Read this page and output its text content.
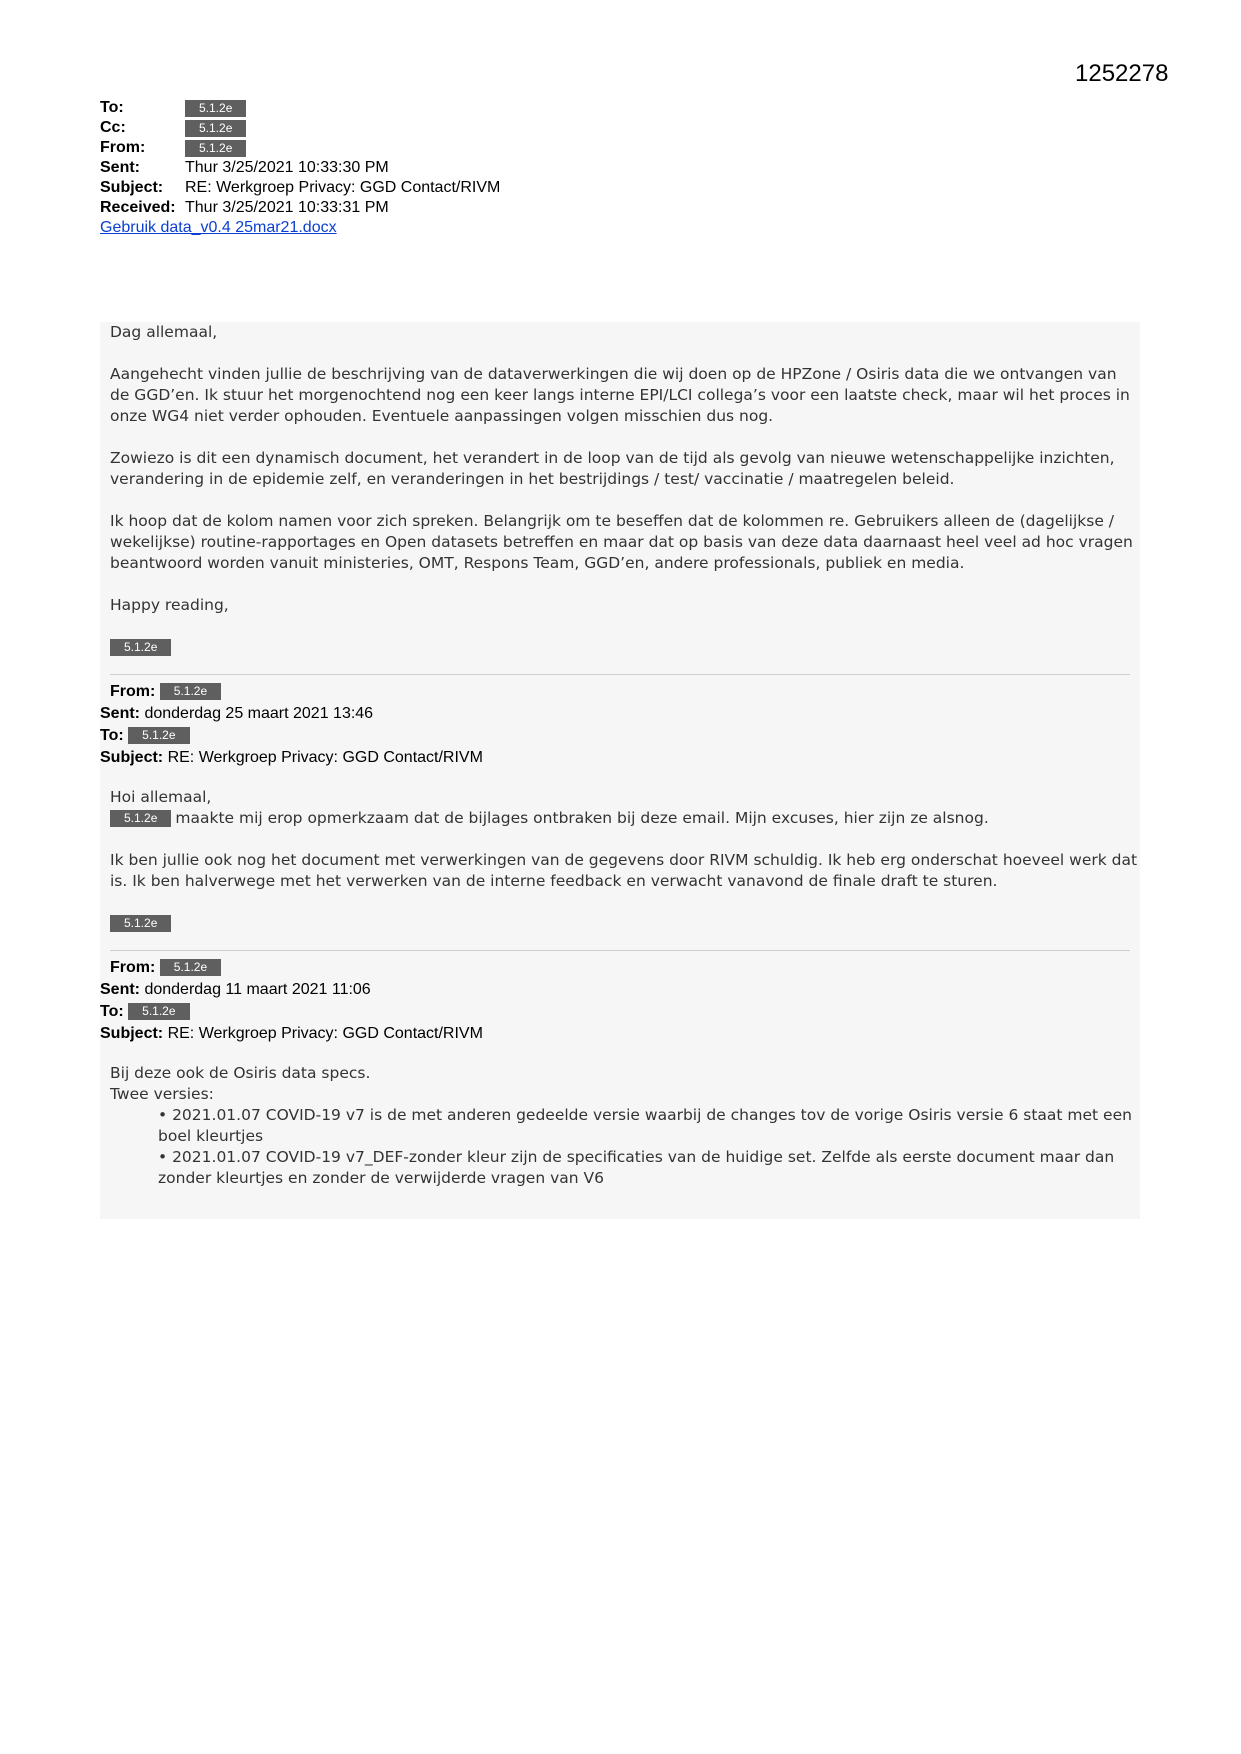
1252278
To:	5.1.2e
Cc:	5.1.2e
From:	5.1.2e
Sent:	Thur 3/25/2021 10:33:30 PM
Subject:	RE: Werkgroep Privacy: GGD Contact/RIVM
Received: Thur 3/25/2021 10:33:31 PM
Gebruik data_v0.4 25mar21.docx

Dag allemaal,

Aangehecht vinden jullie de beschrijving van de dataverwerkingen die wij doen op de HPZone / Osiris data die we ontvangen van de GGD’en. Ik stuur het morgenochtend nog een keer langs interne EPI/LCI collega’s voor een laatste check, maar wil het proces in onze WG4 niet verder ophouden. Eventuele aanpassingen volgen misschien dus nog.

Zowiezo is dit een dynamisch document, het verandert in de loop van de tijd als gevolg van nieuwe wetenschappelijke inzichten, verandering in de epidemie zelf, en veranderingen in het bestrijdings / test/ vaccinatie / maatregelen beleid.

Ik hoop dat de kolom namen voor zich spreken. Belangrijk om te beseffen dat de kolommen re. Gebruikers alleen de (dagelijkse / wekelijkse) routine-rapportages en Open datasets betreffen en maar dat op basis van deze data daarnaast heel veel ad hoc vragen beantwoord worden vanuit ministeries, OMT, Respons Team, GGD’en, andere professionals, publiek en media.

Happy reading,

5.1.2e
From: 5.1.2e
Sent: donderdag 25 maart 2021 13:46
To: 5.1.2e
Subject: RE: Werkgroep Privacy: GGD Contact/RIVM

Hoi allemaal,

5.1.2e maakte mij erop opmerkzaam dat de bijlages ontbraken bij deze email. Mijn excuses, hier zijn ze alsnog.

Ik ben jullie ook nog het document met verwerkingen van de gegevens door RIVM schuldig. Ik heb erg onderschat hoeveel werk dat is. Ik ben halverwege met het verwerken van de interne feedback en verwacht vanavond de finale draft te sturen.

5.1.2e
From: 5.1.2e
Sent: donderdag 11 maart 2021 11:06
To: 5.1.2e
Subject: RE: Werkgroep Privacy: GGD Contact/RIVM

Bij deze ook de Osiris data specs.

Twee versies:

• 2021.01.07 COVID-19 v7 is de met anderen gedeelde versie waarbij de changes tov de vorige Osiris versie 6 staat met een boel kleurtjes

• 2021.01.07 COVID-19 v7_DEF-zonder kleur zijn de specificaties van de huidige set. Zelfde als eerste document maar dan zonder kleurtjes en zonder de verwijderde vragen van V6
